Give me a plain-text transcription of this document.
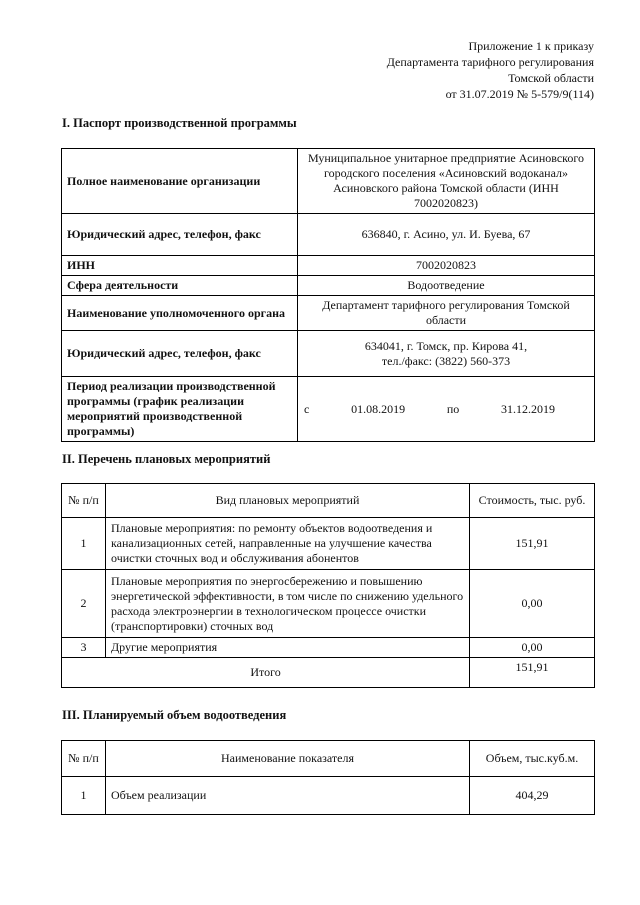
Приложение 1 к приказу
Департамента тарифного регулирования
Томской области
от 31.07.2019 № 5-579/9(114)
I. Паспорт производственной программы
Полное наименование организации	Муниципальное унитарное предприятие Асиновского городского поселения «Асиновский водоканал» Асиновского района Томской области (ИНН 7002020823)
Юридический адрес, телефон, факс	636840, г. Асино, ул. И. Буева, 67
ИНН	7002020823
Сфера деятельности	Водоотведение
Наименование уполномоченного органа	Департамент тарифного регулирования Томской области
Юридический адрес, телефон, факс	634041, г. Томск, пр. Кирова 41,
тел./факс: (3822) 560-373

Период реализации производственной программы (график реализации мероприятий производственной программы)	с 01.08.2019 по 31.12.2019
II. Перечень плановых мероприятий
№ п/п	Вид плановых мероприятий	Стоимость, тыс. руб.
1	Плановые мероприятия: по ремонту объектов водоотведения и канализационных сетей, направленные на улучшение качества очистки сточных вод и обслуживания абонентов	151,91
2	Плановые мероприятия по энергосбережению и повышению энергетической эффективности, в том числе по снижению удельного расхода электроэнергии в технологическом процессе очистки (транспортировки) сточных вод	0,00
3	Другие мероприятия	0,00
Итого		151,91
III. Планируемый объем водоотведения
№ п/п	Наименование показателя	Объем, тыс.куб.м.
1	Объем реализации	404,29
